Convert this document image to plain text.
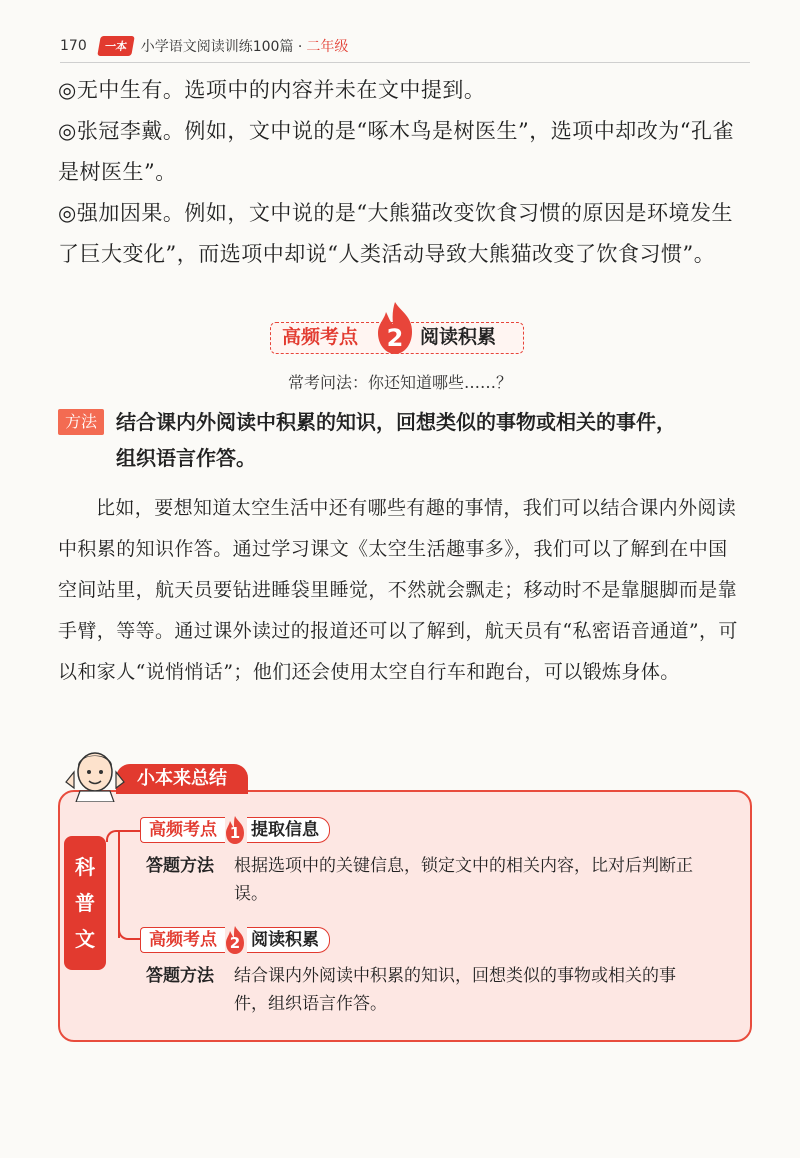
170	一本 小学语文阅读训练100篇 · 二年级

◎无中生有。选项中的内容并未在文中提到。

◎张冠李戴。例如，文中说的是“啄木鸟是树医生”，选项中却改为“孔雀是树医生”。

◎强加因果。例如，文中说的是“大熊猫改变饮食习惯的原因是环境发生了巨大变化”，而选项中却说“人类活动导致大熊猫改变了饮食习惯”。

高频考点	2 阅读积累
常考问法：你还知道哪些……？
方法 结合课内外阅读中积累的知识，回想类似的事物或相关的事件，
组织语言作答。

比如，要想知道太空生活中还有哪些有趣的事情，我们可以结合课内外阅读中积累的知识作答。通过学习课文《太空生活趣事多》，我们可以了解到在中国空间站里，航天员要钻进睡袋里睡觉，不然就会飘走；移动时不是靠腿脚而是靠手臂，等等。通过课外读过的报道还可以了解到，航天员有“私密语音通道”，可以和家人“说悄悄话”；他们还会使用太空自行车和跑台，可以锻炼身体。

小本来总结
科
普
文
高频考点 1 提取信息
答题方法	根据选项中的关键信息，锁定文中的相关内容，比对后判断正误。
高频考点 2 阅读积累
答题方法	结合课内外阅读中积累的知识，回想类似的事物或相关的事件，组织语言作答。
